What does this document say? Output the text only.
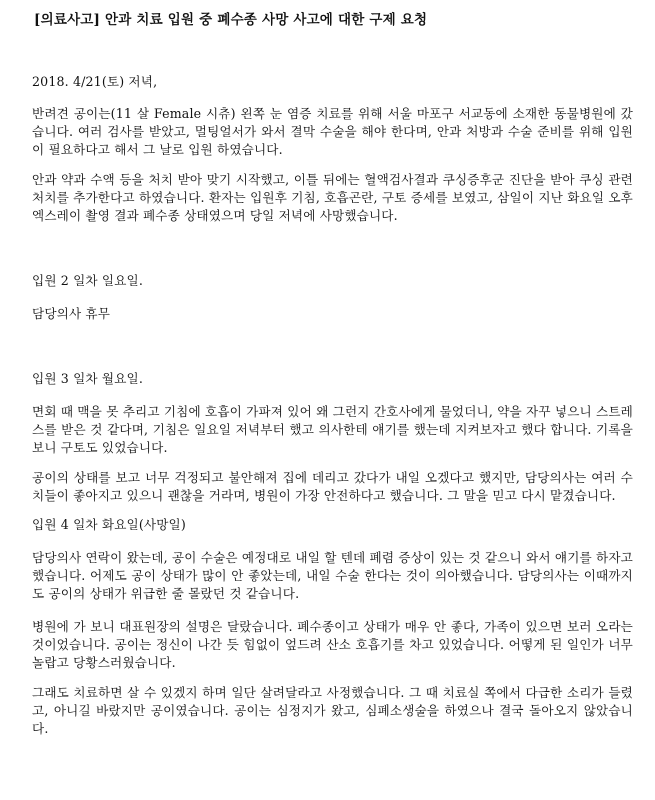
[의료사고] 안과 치료 입원 중 폐수종 사망 사고에 대한 구제 요청

2018. 4/21(토) 저녁,

반려견 공이는(11 살 Female 시츄) 왼쪽 눈 염증 치료를 위해 서울 마포구 서교동에 소재한 동물병원에 갔습니다. 여러 검사를 받았고, 멀팅얼서가 와서 결막 수술을 해야 한다며, 안과 처방과 수술 준비를 위해 입원이 필요하다고 해서 그 날로 입원 하였습니다.

안과 약과 수액 등을 처치 받아 맞기 시작했고, 이틀 뒤에는 혈액검사결과 쿠싱증후군 진단을 받아 쿠싱 관련 처치를 추가한다고 하였습니다. 환자는 입원후 기침, 호흡곤란, 구토 증세를 보였고, 삼일이 지난 화요일 오후 엑스레이 촬영 결과 폐수종 상태였으며 당일 저녁에 사망했습니다.

입원 2 일차 일요일.

담당의사 휴무

입원 3 일차 월요일.

면회 때 맥을 못 추리고 기침에 호흡이 가파져 있어 왜 그런지 간호사에게 물었더니, 약을 자꾸 넣으니 스트레스를 받은 것 같다며, 기침은 일요일 저녁부터 했고 의사한테 얘기를 했는데 지켜보자고 했다 합니다. 기록을 보니 구토도 있었습니다.

공이의 상태를 보고 너무 걱정되고 불안해져 집에 데리고 갔다가 내일 오겠다고 했지만, 담당의사는 여러 수치들이 좋아지고 있으니 괜찮을 거라며, 병원이 가장 안전하다고 했습니다. 그 말을 믿고 다시 맡겼습니다.

입원 4 일차 화요일(사망일)

담당의사 연락이 왔는데, 공이 수술은 예정대로 내일 할 텐데 폐렴 증상이 있는 것 같으니 와서 얘기를 하자고 했습니다. 어제도 공이 상태가 많이 안 좋았는데, 내일 수술 한다는 것이 의아했습니다. 담당의사는 이때까지도 공이의 상태가 위급한 줄 몰랐던 것 같습니다.

병원에 가 보니 대표원장의 설명은 달랐습니다. 폐수종이고 상태가 매우 안 좋다, 가족이 있으면 보러 오라는 것이었습니다. 공이는 정신이 나간 듯 힘없이 엎드려 산소 호흡기를 차고 있었습니다. 어떻게 된 일인가 너무 놀랍고 당황스러웠습니다.

그래도 치료하면 살 수 있겠지 하며 일단 살려달라고 사정했습니다. 그 때 치료실 쪽에서 다급한 소리가 들렸고, 아니길 바랐지만 공이였습니다. 공이는 심정지가 왔고, 심폐소생술을 하였으나 결국 돌아오지 않았습니다.
